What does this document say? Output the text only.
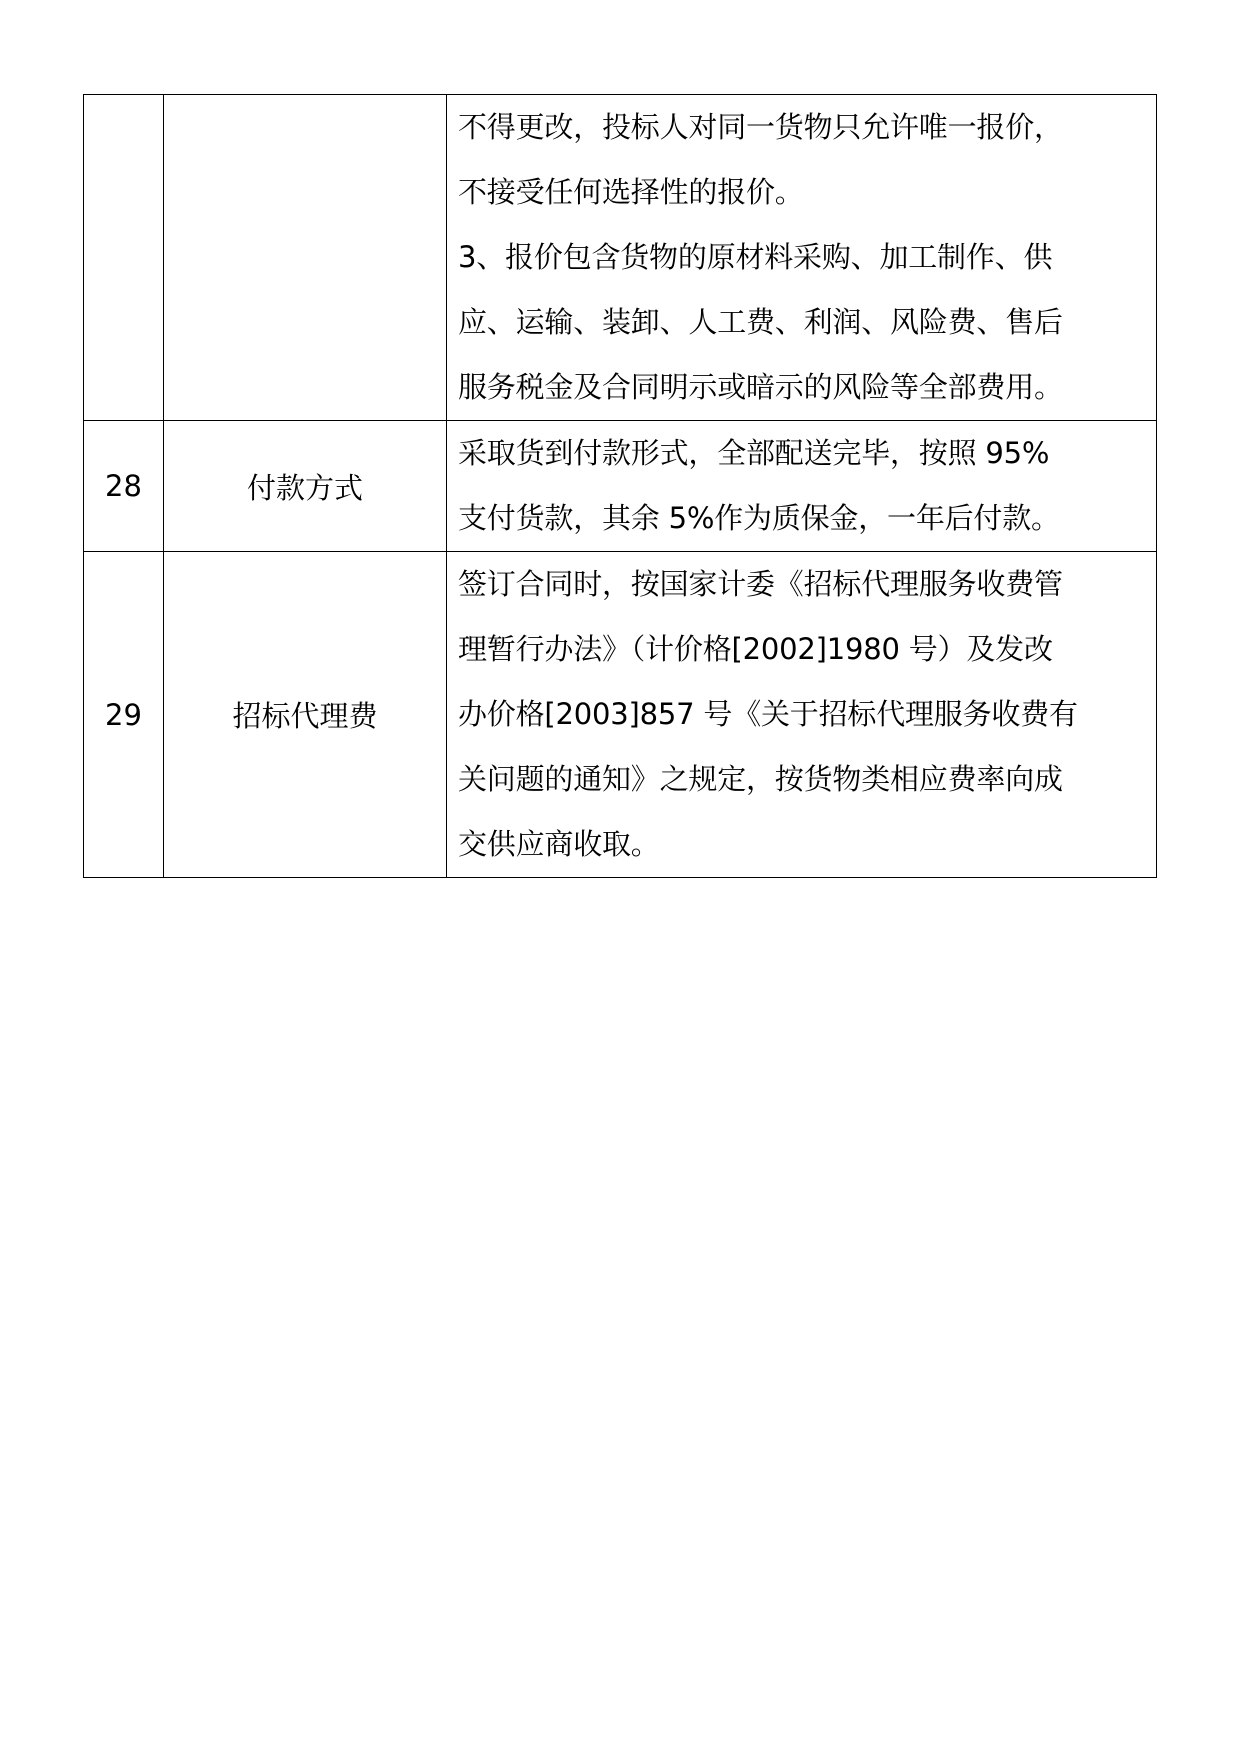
		不得更改，投标人对同一货物只允许唯一报价，
不接受任何选择性的报价。
3、报价包含货物的原材料采购、加工制作、供
应、运输、装卸、人工费、利润、风险费、售后
服务税金及合同明示或暗示的风险等全部费用。

28	付款方式	采取货到付款形式，全部配送完毕，按照 95%
支付货款，其余 5%作为质保金，一年后付款。

29	招标代理费	签订合同时，按国家计委《招标代理服务收费管
理暂行办法》（计价格[2002]1980 号）及发改
办价格[2003]857 号《关于招标代理服务收费有
关问题的通知》之规定，按货物类相应费率向成
交供应商收取。
